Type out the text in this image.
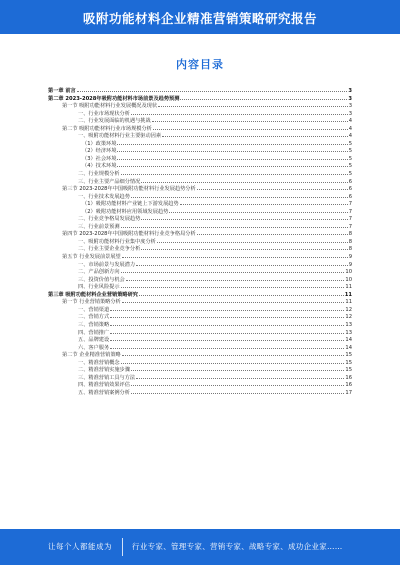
吸附功能材料企业精准营销策略研究报告
内容目录
第一章 前言	3
第二章 2023-2028年吸附功能材料市场前景及趋势预测	3
第一节 吸附功能材料行业发展概况及现状	3
一、行业市场现状分析	3
二、行业发展面临的机遇与挑战	4
第二节 吸附功能材料行业市场规模分析	4
一、吸附功能材料行业主要驱动因素	4
（1）政策环境	5
（2）经济环境	5
（3）社会环境	5
（4）技术环境	5
二、行业规模分析	5
三、行业主要产品细分情况	6
第三节 2023-2028年中国吸附功能材料行业发展趋势分析	6
一、行业技术发展趋势	6
（1）吸附功能材料产业链上下游发展趋势	7
（2）吸附功能材料应用领域发展趋势	7
二、行业竞争格局发展趋势	7
三、行业前景预测	7
第四节 2023-2028年中国吸附功能材料行业竞争格局分析	8
一、吸附功能材料行业集中度分析	8
二、行业主要企业竞争分析	8
第五节 行业发展前景展望	9
一、市场前景与发展潜力	9
二、产品创新方向	10
三、投资价值与机会	10
四、行业风险提示	11
第三章 吸附功能材料企业营销策略研究	11
第一节 行业营销策略分析	11
一、营销渠道	12
二、营销方式	12
三、营销策略	13
四、营销推广	13
五、品牌建设	14
六、客户服务	14
第二节 企业精准营销策略	15
一、精准营销概念	15
二、精准营销实施步骤	15
三、精准营销工具与方法	16
四、精准营销效果评估	16
五、精准营销案例分析	17
让每个人都能成为	行业专家、管理专家、营销专家、战略专家、成功企业家……
